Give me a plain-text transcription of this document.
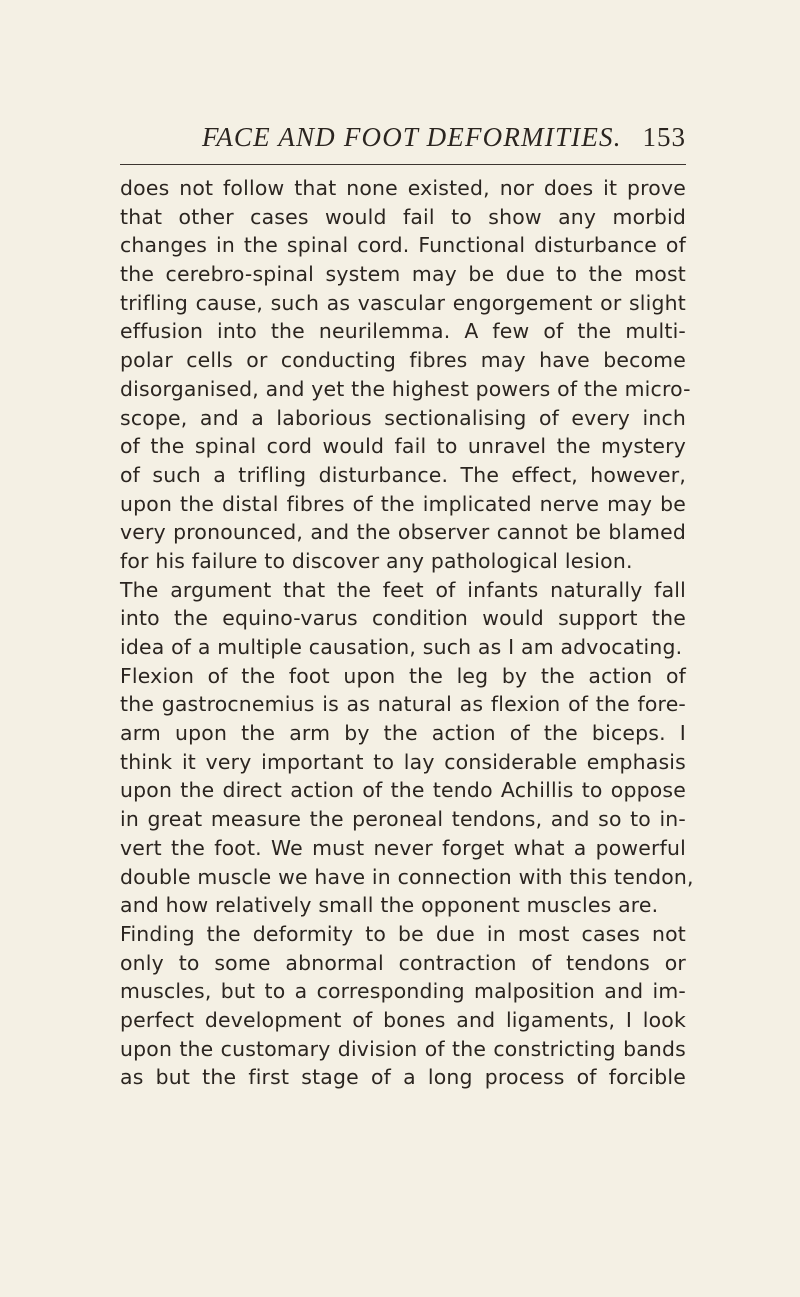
FACE AND FOOT DEFORMITIES. 153
does not follow that none existed, nor does it prove
that other cases would fail to show any morbid
changes in the spinal cord. Functional disturbance of
the cerebro-spinal system may be due to the most
trifling cause, such as vascular engorgement or slight
effusion into the neurilemma. A few of the multi-
polar cells or conducting fibres may have become
disorganised, and yet the highest powers of the micro-
scope, and a laborious sectionalising of every inch
of the spinal cord would fail to unravel the mystery
of such a trifling disturbance. The effect, however,
upon the distal fibres of the implicated nerve may be
very pronounced, and the observer cannot be blamed
for his failure to discover any pathological lesion.
The argument that the feet of infants naturally fall
into the equino-varus condition would support the
idea of a multiple causation, such as I am advocating.
Flexion of the foot upon the leg by the action of
the gastrocnemius is as natural as flexion of the fore-
arm upon the arm by the action of the biceps. I
think it very important to lay considerable emphasis
upon the direct action of the tendo Achillis to oppose
in great measure the peroneal tendons, and so to in-
vert the foot. We must never forget what a powerful
double muscle we have in connection with this tendon,
and how relatively small the opponent muscles are.
Finding the deformity to be due in most cases not
only to some abnormal contraction of tendons or
muscles, but to a corresponding malposition and im-
perfect development of bones and ligaments, I look
upon the customary division of the constricting bands
as but the first stage of a long process of forcible
